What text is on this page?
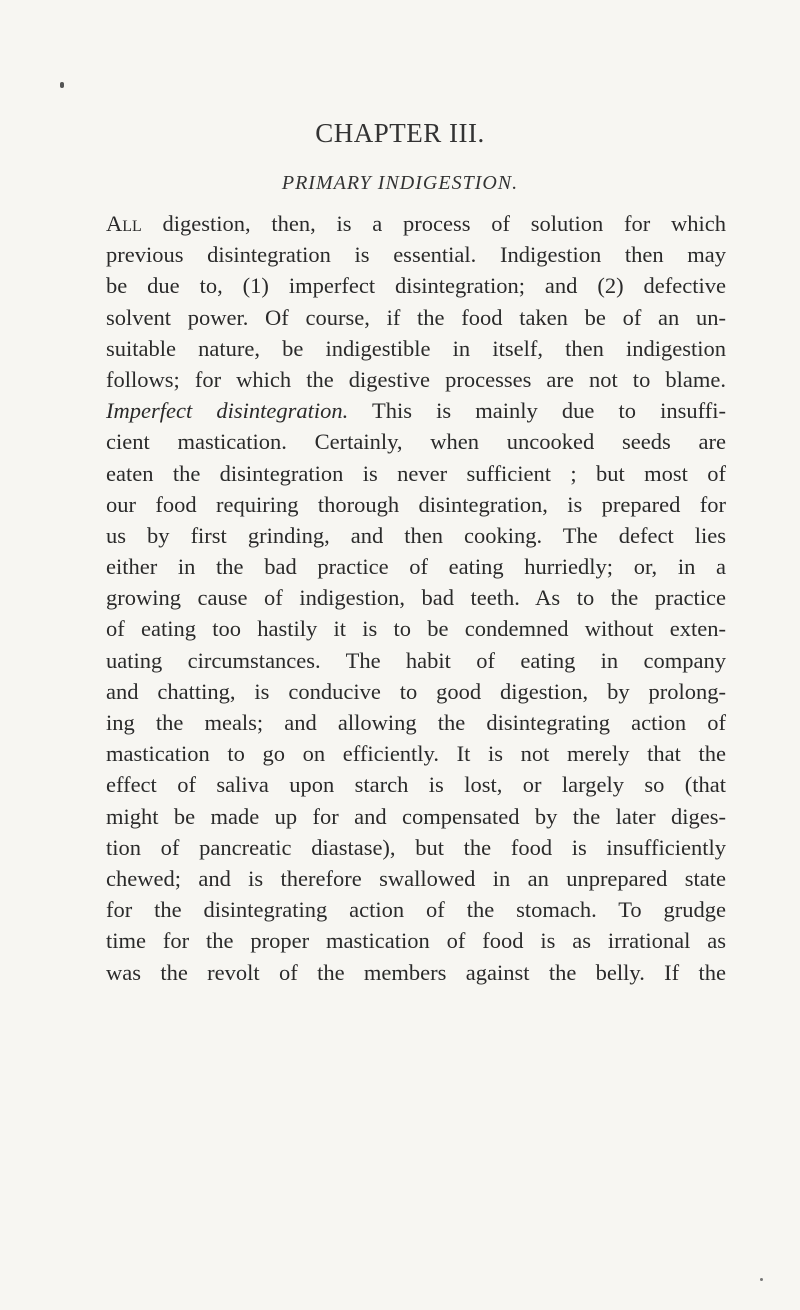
CHAPTER III.
PRIMARY INDIGESTION.
All digestion, then, is a process of solution for which
previous disintegration is essential. Indigestion then may
be due to, (1) imperfect disintegration; and (2) defective
solvent power. Of course, if the food taken be of an un-
suitable nature, be indigestible in itself, then indigestion
follows; for which the digestive processes are not to blame.
Imperfect disintegration. This is mainly due to insuffi-
cient mastication. Certainly, when uncooked seeds are
eaten the disintegration is never sufficient ; but most of
our food requiring thorough disintegration, is prepared for
us by first grinding, and then cooking. The defect lies
either in the bad practice of eating hurriedly; or, in a
growing cause of indigestion, bad teeth. As to the practice
of eating too hastily it is to be condemned without exten-
uating circumstances. The habit of eating in company
and chatting, is conducive to good digestion, by prolong-
ing the meals; and allowing the disintegrating action of
mastication to go on efficiently. It is not merely that the
effect of saliva upon starch is lost, or largely so (that
might be made up for and compensated by the later diges-
tion of pancreatic diastase), but the food is insufficiently
chewed; and is therefore swallowed in an unprepared state
for the disintegrating action of the stomach. To grudge
time for the proper mastication of food is as irrational as
was the revolt of the members against the belly. If the
